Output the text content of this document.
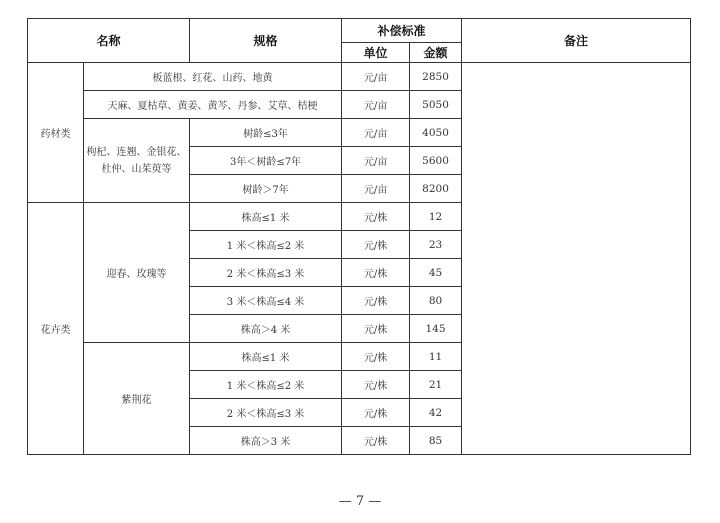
名称		规格	补偿标准		备注
			单位	金额	
药材类	板蓝根、红花、山药、地黄		元/亩	2850	
	天麻、夏枯草、黄姜、黄芩、丹参、艾草、桔梗		元/亩	5050	
	枸杞、连翘、金银花、杜仲、山茱萸等	树龄≤3年	元/亩	4050	
		3年＜树龄≤7年	元/亩	5600	
		树龄＞7年	元/亩	8200	
花卉类	迎春、玫瑰等	株高≤1 米	元/株	12	
		1 米＜株高≤2 米	元/株	23	
		2 米＜株高≤3 米	元/株	45	
		3 米＜株高≤4 米	元/株	80	
		株高＞4 米	元/株	145	
	紫荆花	株高≤1 米	元/株	11	
		1 米＜株高≤2 米	元/株	21	
		2 米＜株高≤3 米	元/株	42	
		株高＞3 米	元/株	85	
— 7 —
